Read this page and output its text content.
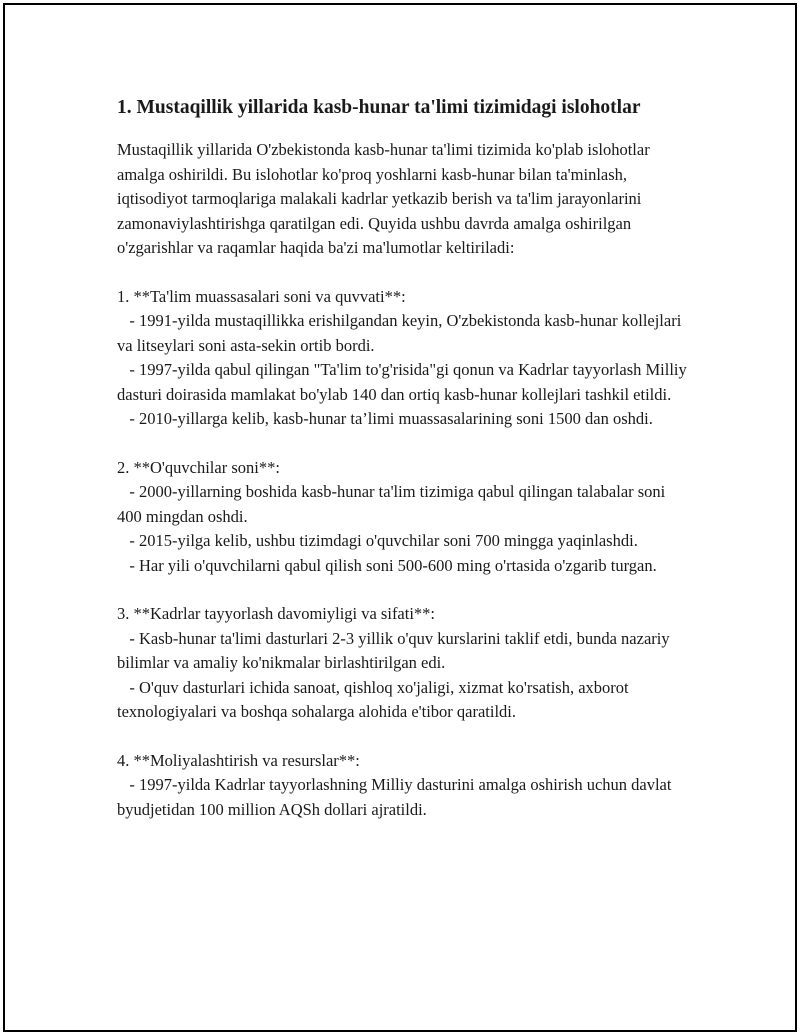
1. Mustaqillik yillarida kasb-hunar ta'limi tizimidagi islohotlar

Mustaqillik yillarida O'zbekistonda kasb-hunar ta'limi tizimida ko'plab islohotlar amalga oshirildi. Bu islohotlar ko'proq yoshlarni kasb-hunar bilan ta'minlash, iqtisodiyot tarmoqlariga malakali kadrlar yetkazib berish va ta'lim jarayonlarini zamonaviylashtirishga qaratilgan edi. Quyida ushbu davrda amalga oshirilgan o'zgarishlar va raqamlar haqida ba'zi ma'lumotlar keltiriladi:

1. **Ta'lim muassasalari soni va quvvati**:

- 1991-yilda mustaqillikka erishilgandan keyin, O'zbekistonda kasb-hunar kollejlari va litseylari soni asta-sekin ortib bordi.

- 1997-yilda qabul qilingan "Ta'lim to'g'risida"gi qonun va Kadrlar tayyorlash Milliy dasturi doirasida mamlakat bo'ylab 140 dan ortiq kasb-hunar kollejlari tashkil etildi.

- 2010-yillarga kelib, kasb-hunar ta’limi muassasalarining soni 1500 dan oshdi.

2. **O'quvchilar soni**:

- 2000-yillarning boshida kasb-hunar ta'lim tizimiga qabul qilingan talabalar soni 400 mingdan oshdi.

- 2015-yilga kelib, ushbu tizimdagi o'quvchilar soni 700 mingga yaqinlashdi.

- Har yili o'quvchilarni qabul qilish soni 500-600 ming o'rtasida o'zgarib turgan.

3. **Kadrlar tayyorlash davomiyligi va sifati**:

- Kasb-hunar ta'limi dasturlari 2-3 yillik o'quv kurslarini taklif etdi, bunda nazariy bilimlar va amaliy ko'nikmalar birlashtirilgan edi.

- O'quv dasturlari ichida sanoat, qishloq xo'jaligi, xizmat ko'rsatish, axborot texnologiyalari va boshqa sohalarga alohida e'tibor qaratildi.

4. **Moliyalashtirish va resurslar**:

- 1997-yilda Kadrlar tayyorlashning Milliy dasturini amalga oshirish uchun davlat byudjetidan 100 million AQSh dollari ajratildi.
